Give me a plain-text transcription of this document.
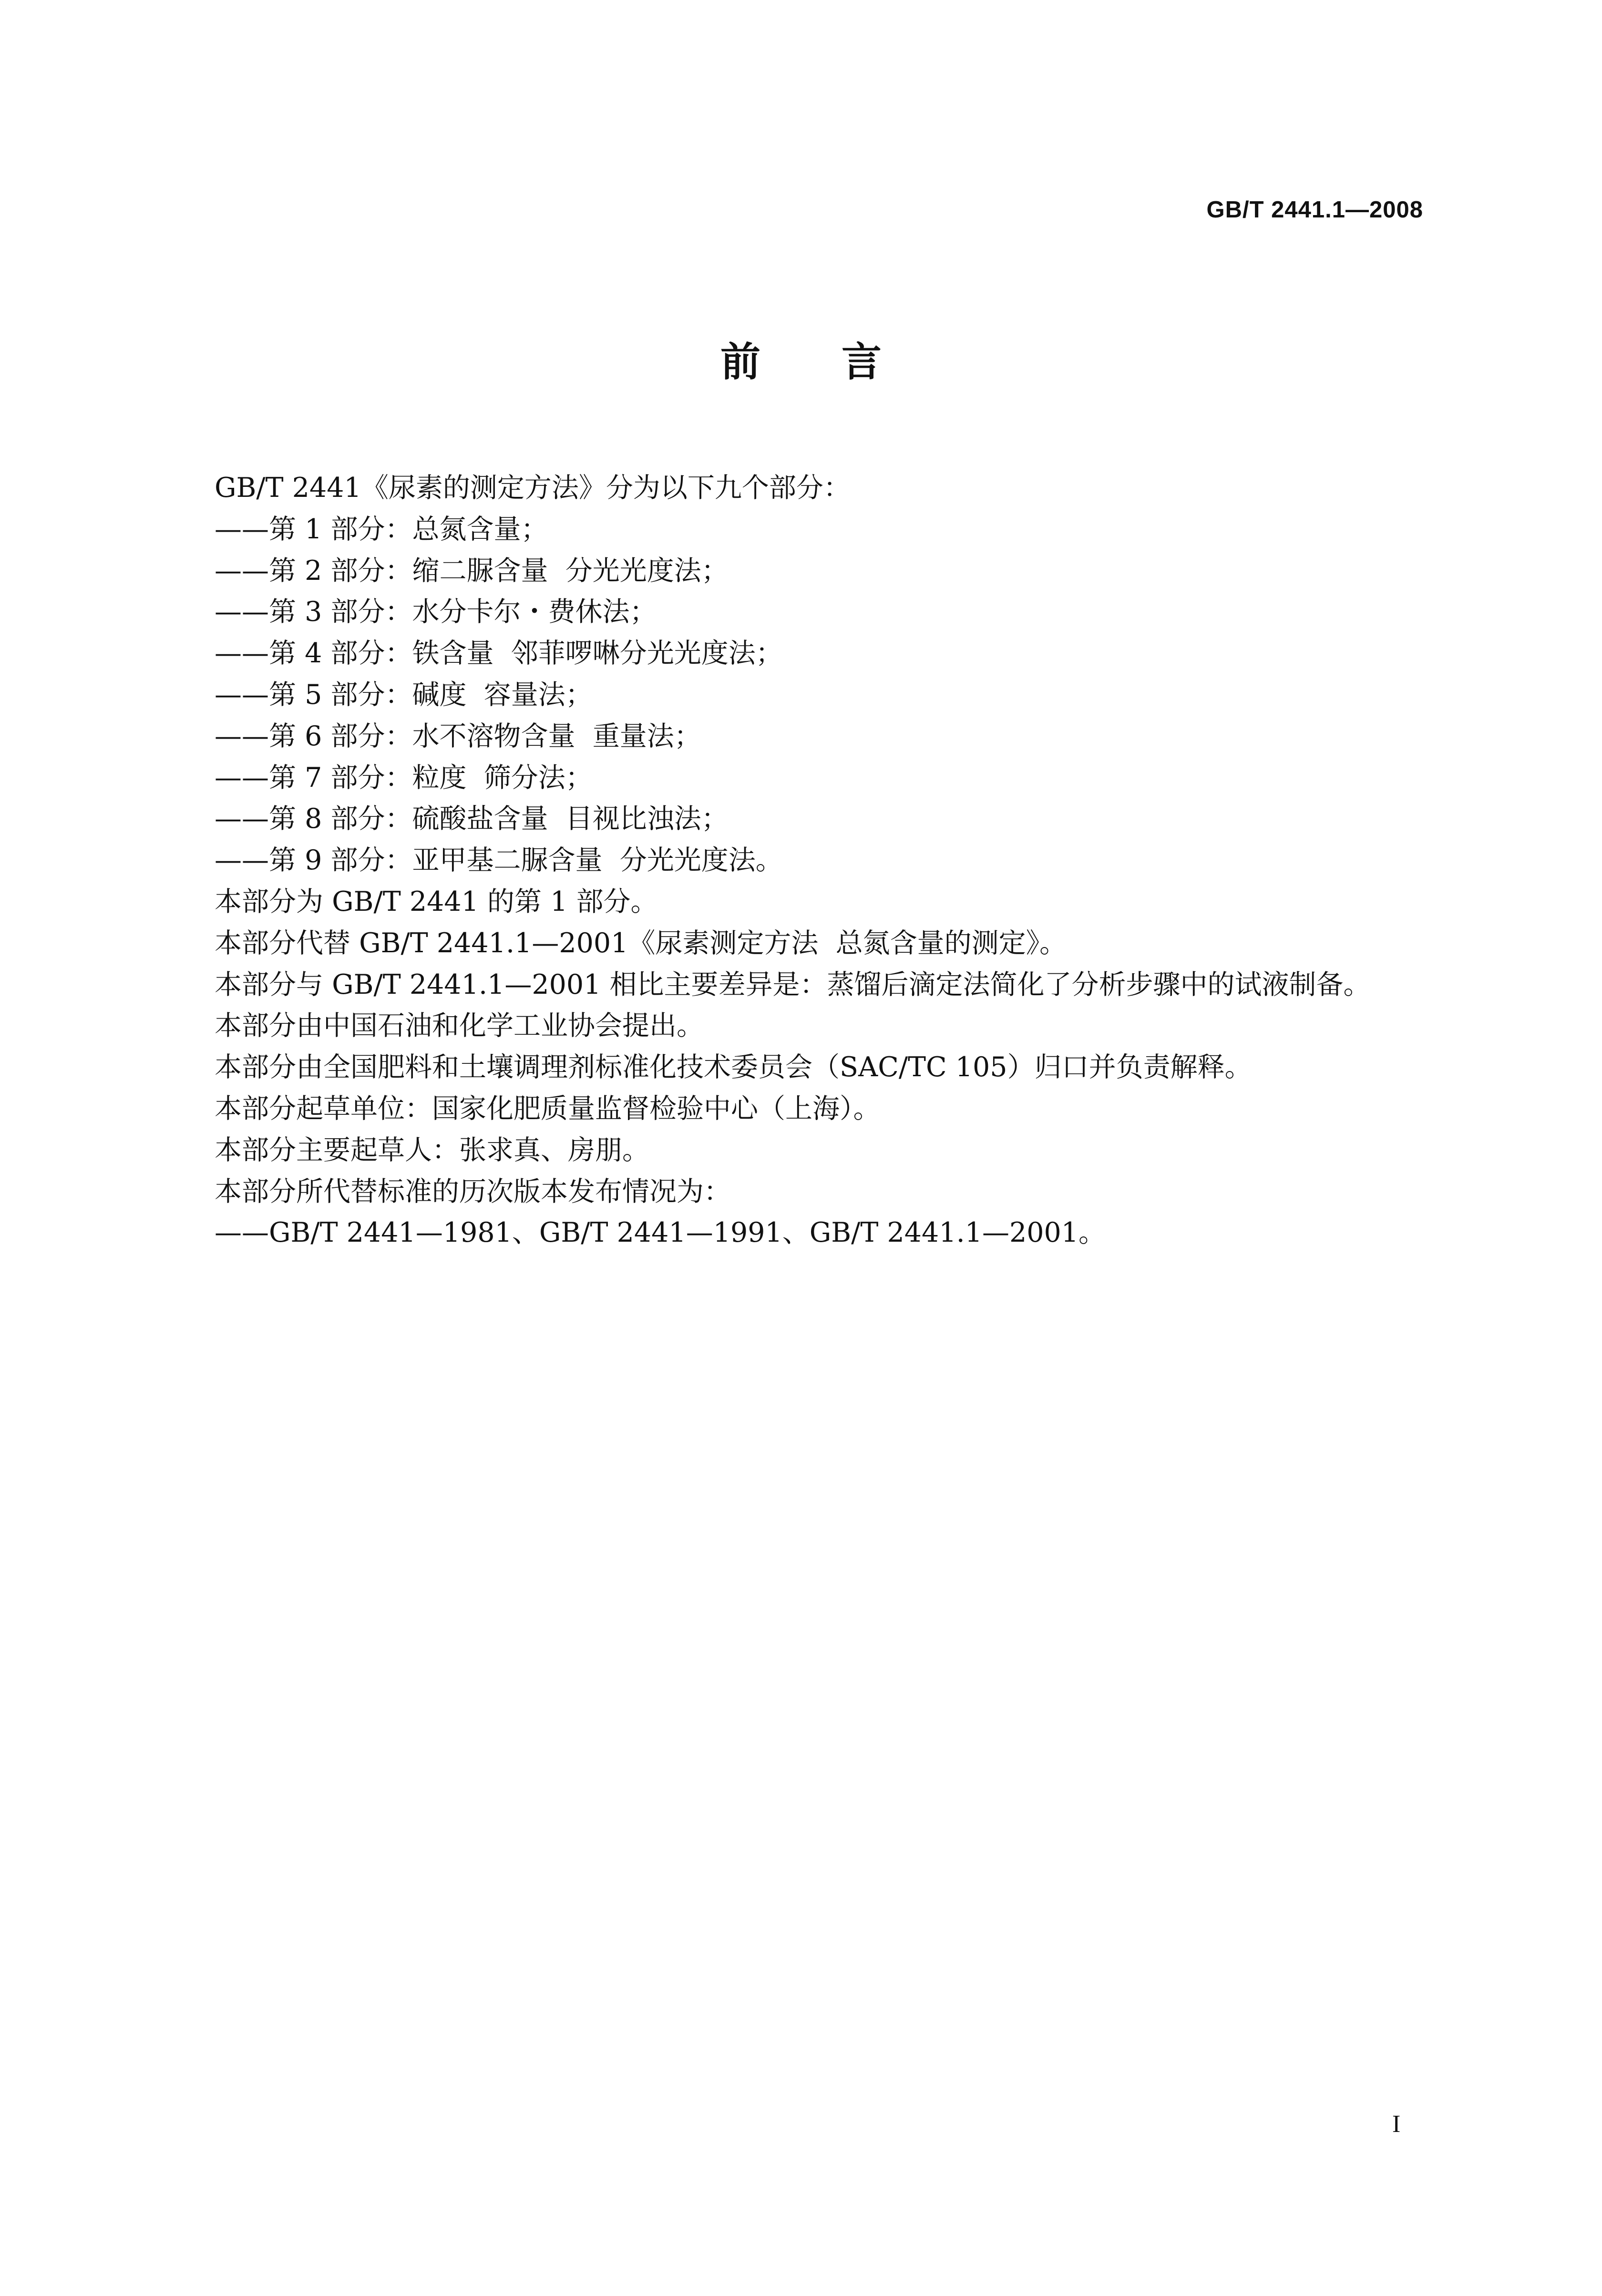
GB/T 2441.1—2008
前言
GB/T 2441《尿素的测定方法》分为以下九个部分：
——第 1 部分：总氮含量；
——第 2 部分：缩二脲含量  分光光度法；
——第 3 部分：水分卡尔・费休法；
——第 4 部分：铁含量  邻菲啰啉分光光度法；
——第 5 部分：碱度  容量法；
——第 6 部分：水不溶物含量  重量法；
——第 7 部分：粒度  筛分法；
——第 8 部分：硫酸盐含量  目视比浊法；
——第 9 部分：亚甲基二脲含量  分光光度法。
本部分为 GB/T 2441 的第 1 部分。
本部分代替 GB/T 2441.1—2001《尿素测定方法  总氮含量的测定》。
本部分与 GB/T 2441.1—2001 相比主要差异是：蒸馏后滴定法简化了分析步骤中的试液制备。
本部分由中国石油和化学工业协会提出。
本部分由全国肥料和土壤调理剂标准化技术委员会（SAC/TC 105）归口并负责解释。
本部分起草单位：国家化肥质量监督检验中心（上海）。
本部分主要起草人：张求真、房朋。
本部分所代替标准的历次版本发布情况为：
——GB/T 2441—1981、GB/T 2441—1991、GB/T 2441.1—2001。
I
